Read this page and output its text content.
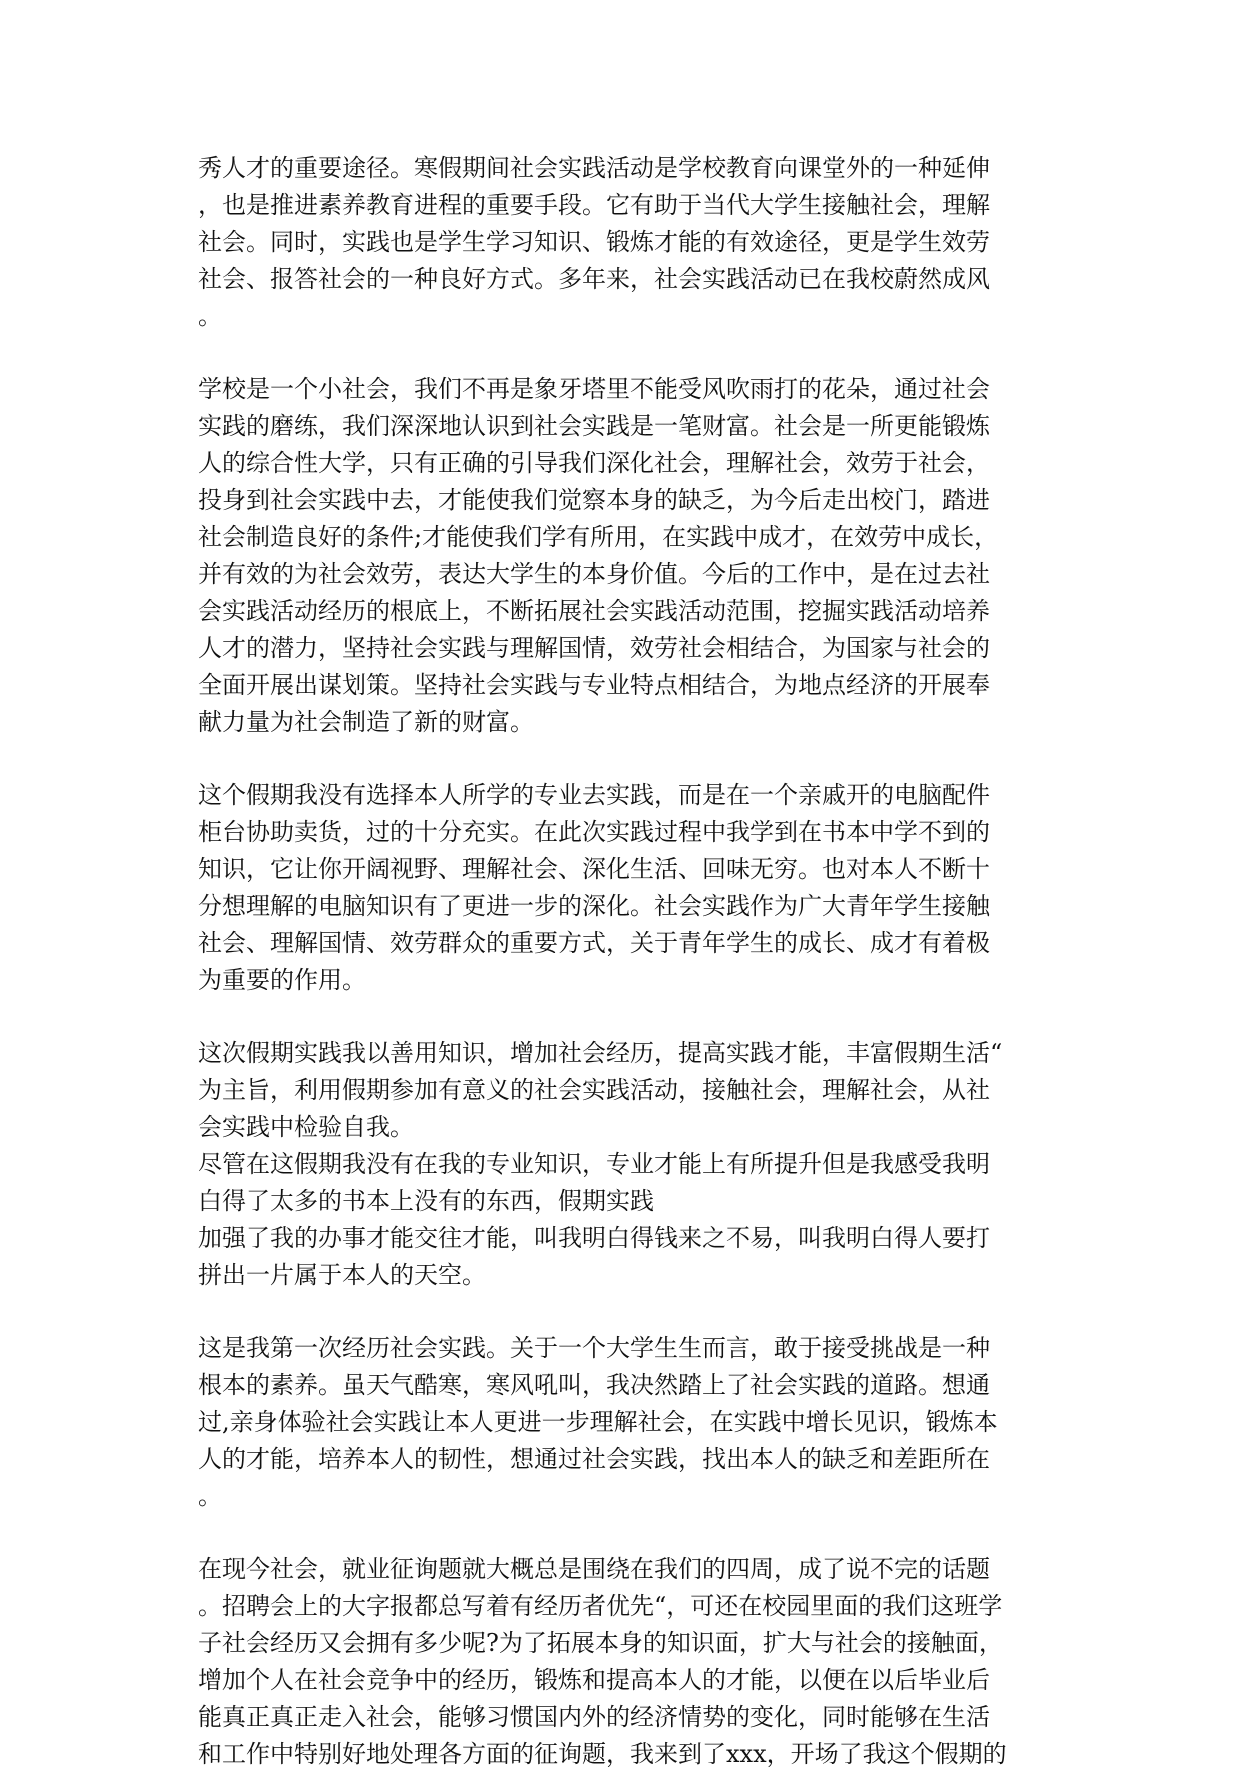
秀人才的重要途径。寒假期间社会实践活动是学校教育向课堂外的一种延伸
，也是推进素养教育进程的重要手段。它有助于当代大学生接触社会，理解
社会。同时，实践也是学生学习知识、锻炼才能的有效途径，更是学生效劳
社会、报答社会的一种良好方式。多年来，社会实践活动已在我校蔚然成风
。
学校是一个小社会，我们不再是象牙塔里不能受风吹雨打的花朵，通过社会
实践的磨练，我们深深地认识到社会实践是一笔财富。社会是一所更能锻炼
人的综合性大学，只有正确的引导我们深化社会，理解社会，效劳于社会，
投身到社会实践中去，才能使我们觉察本身的缺乏，为今后走出校门，踏进
社会制造良好的条件;才能使我们学有所用，在实践中成才，在效劳中成长，
并有效的为社会效劳，表达大学生的本身价值。今后的工作中，是在过去社
会实践活动经历的根底上，不断拓展社会实践活动范围，挖掘实践活动培养
人才的潜力，坚持社会实践与理解国情，效劳社会相结合，为国家与社会的
全面开展出谋划策。坚持社会实践与专业特点相结合，为地点经济的开展奉
献力量为社会制造了新的财富。
这个假期我没有选择本人所学的专业去实践，而是在一个亲戚开的电脑配件
柜台协助卖货，过的十分充实。在此次实践过程中我学到在书本中学不到的
知识，它让你开阔视野、理解社会、深化生活、回味无穷。也对本人不断十
分想理解的电脑知识有了更进一步的深化。社会实践作为广大青年学生接触
社会、理解国情、效劳群众的重要方式，关于青年学生的成长、成才有着极
为重要的作用。
这次假期实践我以善用知识，增加社会经历，提高实践才能，丰富假期生活“
为主旨，利用假期参加有意义的社会实践活动，接触社会，理解社会，从社
会实践中检验自我。
尽管在这假期我没有在我的专业知识，专业才能上有所提升但是我感受我明
白得了太多的书本上没有的东西，假期实践
加强了我的办事才能交往才能，叫我明白得钱来之不易，叫我明白得人要打
拼出一片属于本人的天空。
这是我第一次经历社会实践。关于一个大学生生而言，敢于接受挑战是一种
根本的素养。虽天气酷寒，寒风吼叫，我决然踏上了社会实践的道路。想通
过,亲身体验社会实践让本人更进一步理解社会，在实践中增长见识，锻炼本
人的才能，培养本人的韧性，想通过社会实践，找出本人的缺乏和差距所在
。
在现今社会，就业征询题就大概总是围绕在我们的四周，成了说不完的话题
。招聘会上的大字报都总写着有经历者优先“，可还在校园里面的我们这班学
子社会经历又会拥有多少呢?为了拓展本身的知识面，扩大与社会的接触面，
增加个人在社会竞争中的经历，锻炼和提高本人的才能，以便在以后毕业后
能真正真正走入社会，能够习惯国内外的经济情势的变化，同时能够在生活
和工作中特别好地处理各方面的征询题，我来到了xxx，开场了我这个假期的
